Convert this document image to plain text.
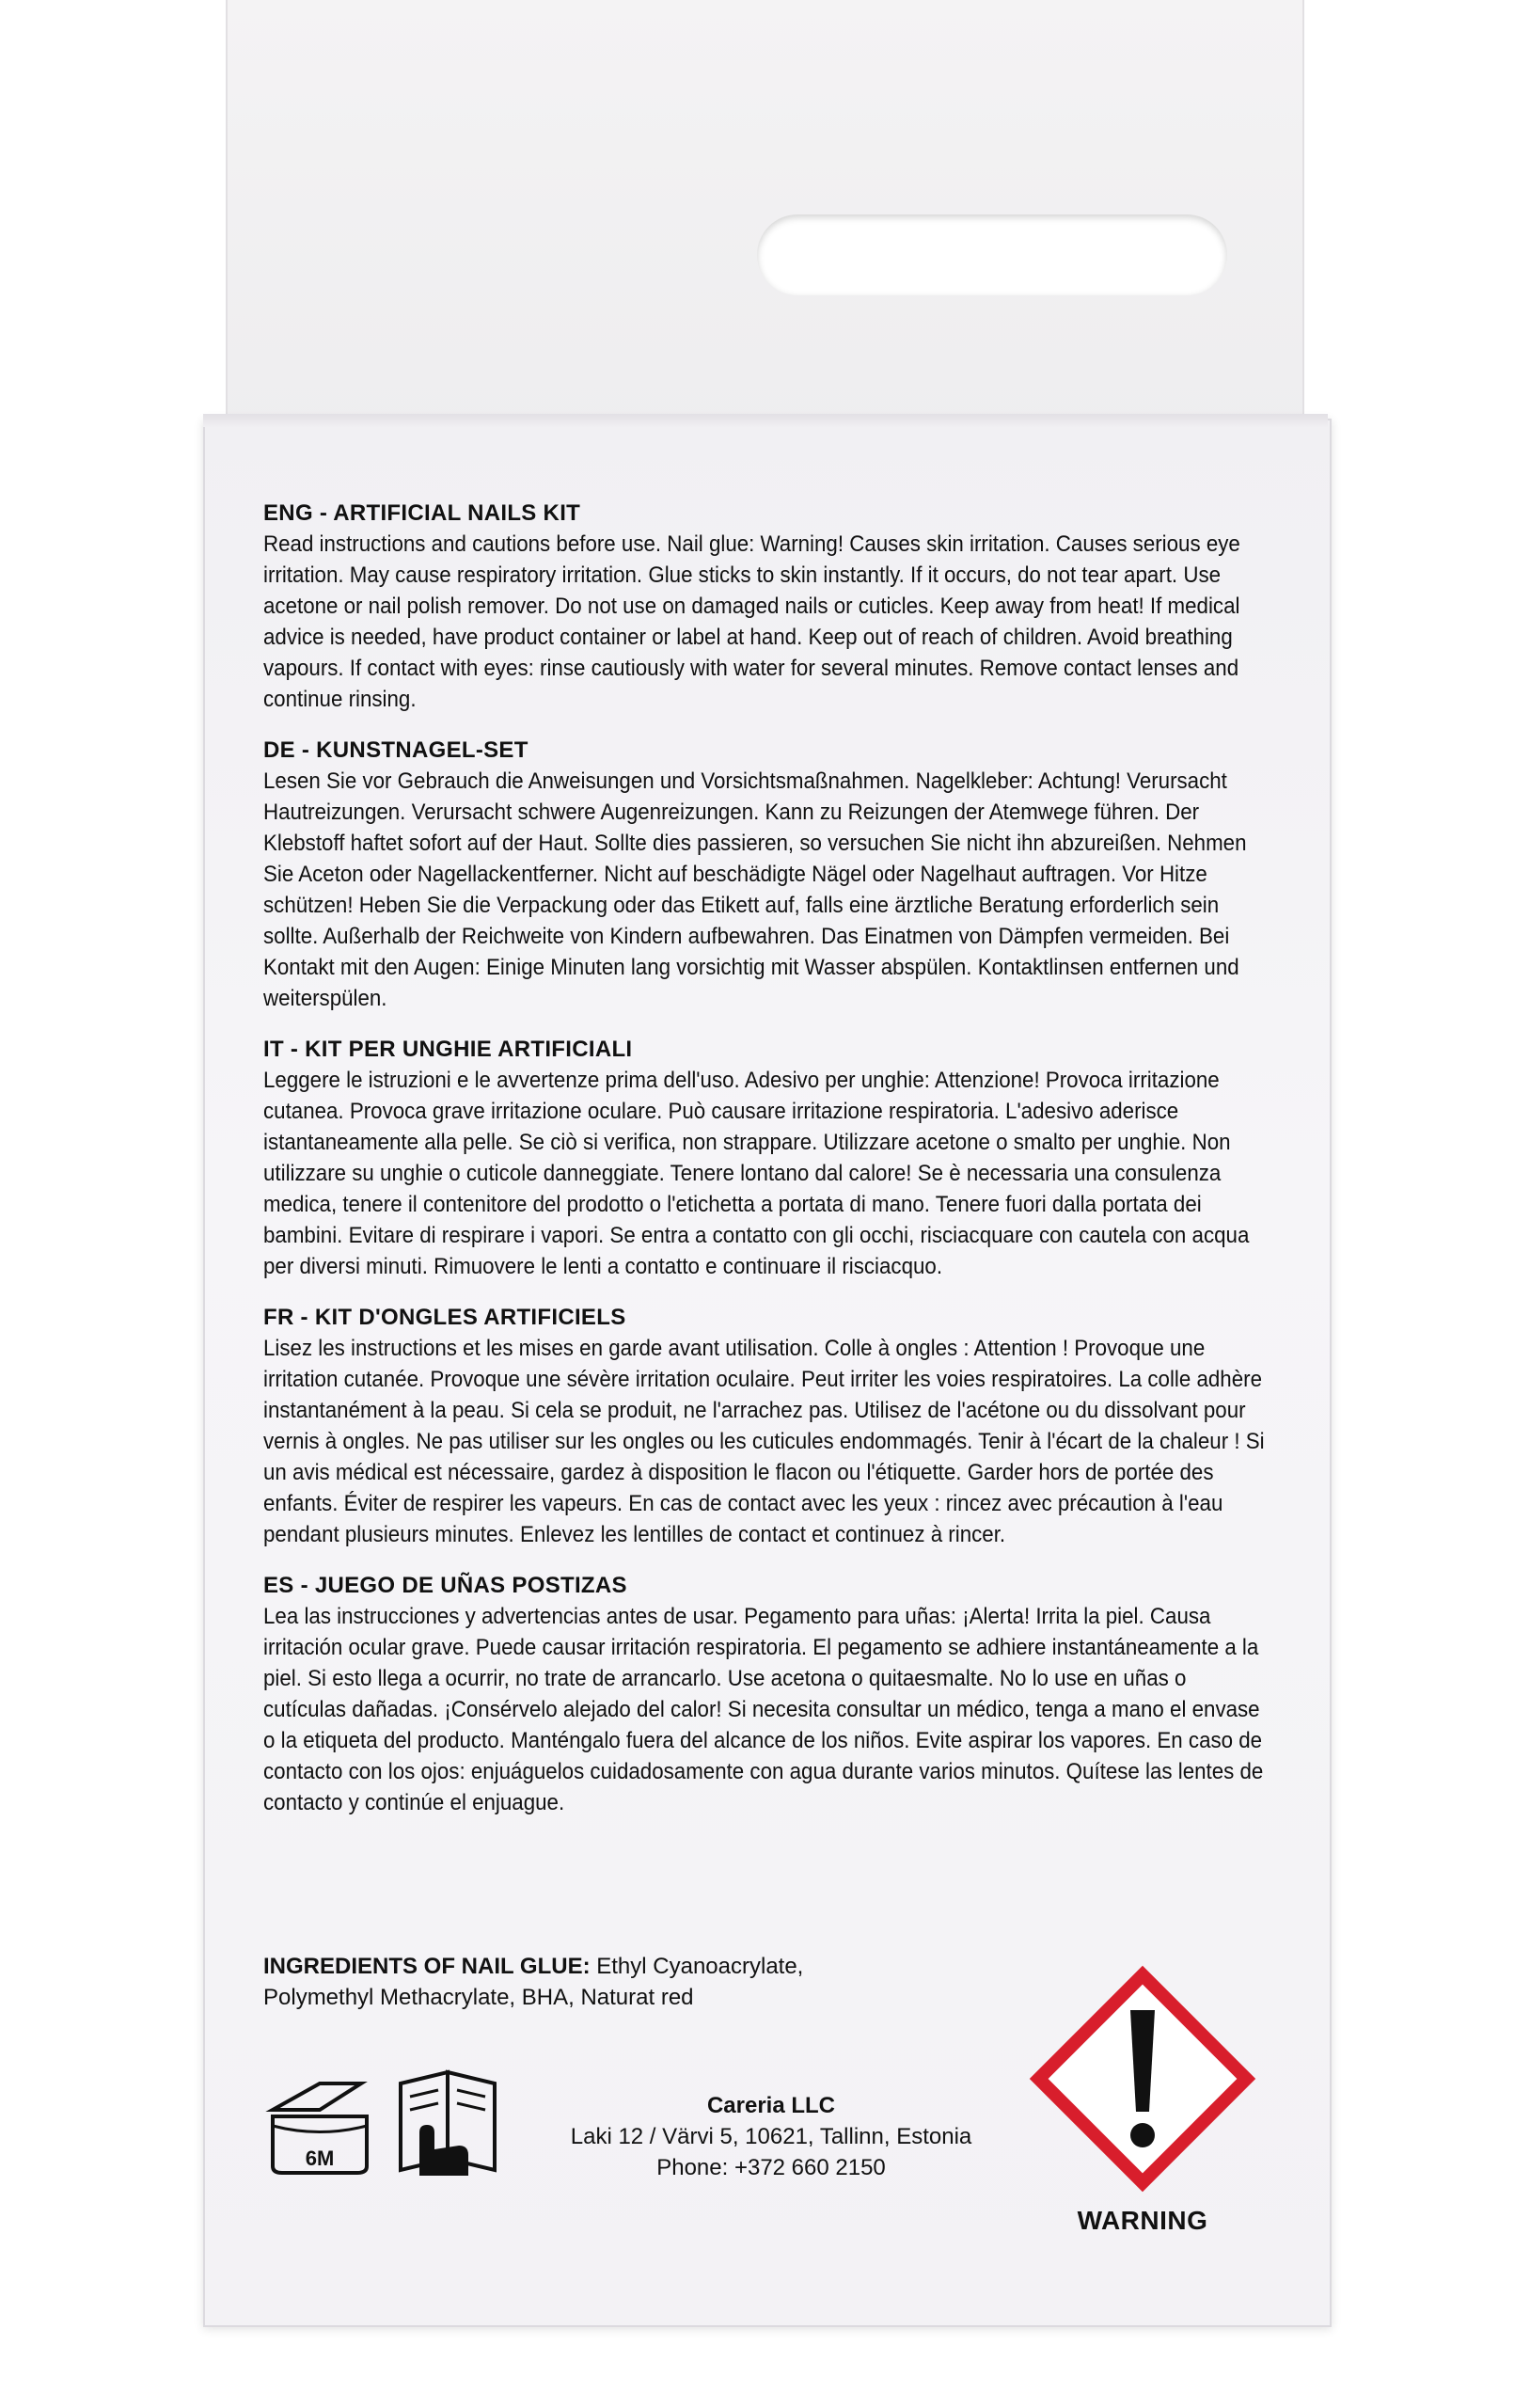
ENG - ARTIFICIAL NAILS KIT

Read instructions and cautions before use. Nail glue: Warning! Causes skin irritation. Causes serious eye irritation. May cause respiratory irritation. Glue sticks to skin instantly. If it occurs, do not tear apart. Use acetone or nail polish remover. Do not use on damaged nails or cuticles. Keep away from heat! If medical advice is needed, have product container or label at hand. Keep out of reach of children. Avoid breathing vapours. If contact with eyes: rinse cautiously with water for several minutes. Remove contact lenses and continue rinsing.

DE - KUNSTNAGEL-SET

Lesen Sie vor Gebrauch die Anweisungen und Vorsichtsmaßnahmen. Nagelkleber: Achtung! Verursacht Hautreizungen. Verursacht schwere Augenreizungen. Kann zu Reizungen der Atemwege führen. Der Klebstoff haftet sofort auf der Haut. Sollte dies passieren, so versuchen Sie nicht ihn abzureißen. Nehmen Sie Aceton oder Nagellackentferner. Nicht auf beschädigte Nägel oder Nagelhaut auftragen. Vor Hitze schützen! Heben Sie die Verpackung oder das Etikett auf, falls eine ärztliche Beratung erforderlich sein sollte. Außerhalb der Reichweite von Kindern aufbewahren. Das Einatmen von Dämpfen vermeiden. Bei Kontakt mit den Augen: Einige Minuten lang vorsichtig mit Wasser abspülen. Kontaktlinsen entfernen und weiterspülen.

IT - KIT PER UNGHIE ARTIFICIALI

Leggere le istruzioni e le avvertenze prima dell'uso. Adesivo per unghie: Attenzione! Provoca irritazione cutanea. Provoca grave irritazione oculare. Può causare irritazione respiratoria. L'adesivo aderisce istantaneamente alla pelle. Se ciò si verifica, non strappare. Utilizzare acetone o smalto per unghie. Non utilizzare su unghie o cuticole danneggiate. Tenere lontano dal calore! Se è necessaria una consulenza medica, tenere il contenitore del prodotto o l'etichetta a portata di mano. Tenere fuori dalla portata dei bambini. Evitare di respirare i vapori. Se entra a contatto con gli occhi, risciacquare con cautela con acqua per diversi minuti. Rimuovere le lenti a contatto e continuare il risciacquo.

FR - KIT D'ONGLES ARTIFICIELS

Lisez les instructions et les mises en garde avant utilisation. Colle à ongles : Attention ! Provoque une irritation cutanée. Provoque une sévère irritation oculaire. Peut irriter les voies respiratoires. La colle adhère instantanément à la peau. Si cela se produit, ne l'arrachez pas. Utilisez de l'acétone ou du dissolvant pour vernis à ongles. Ne pas utiliser sur les ongles ou les cuticules endommagés. Tenir à l'écart de la chaleur ! Si un avis médical est nécessaire, gardez à disposition le flacon ou l'étiquette. Garder hors de portée des enfants. Éviter de respirer les vapeurs. En cas de contact avec les yeux : rincez avec précaution à l'eau pendant plusieurs minutes. Enlevez les lentilles de contact et continuez à rincer.

ES - JUEGO DE UÑAS POSTIZAS

Lea las instrucciones y advertencias antes de usar. Pegamento para uñas: ¡Alerta! Irrita la piel. Causa irritación ocular grave. Puede causar irritación respiratoria. El pegamento se adhiere instantáneamente a la piel. Si esto llega a ocurrir, no trate de arrancarlo. Use acetona o quitaesmalte. No lo use en uñas o cutículas dañadas. ¡Consérvelo alejado del calor! Si necesita consultar un médico, tenga a mano el envase o la etiqueta del producto. Manténgalo fuera del alcance de los niños. Evite aspirar los vapores. En caso de contacto con los ojos: enjuáguelos cuidadosamente con agua durante varios minutos. Quítese las lentes de contacto y continúe el enjuague.

INGREDIENTS OF NAIL GLUE: Ethyl Cyanoacrylate,
Polymethyl Methacrylate, BHA, Naturat red
6M
Careria LLC
Laki 12 / Värvi 5, 10621, Tallinn, Estonia
Phone: +372 660 2150
WARNING
